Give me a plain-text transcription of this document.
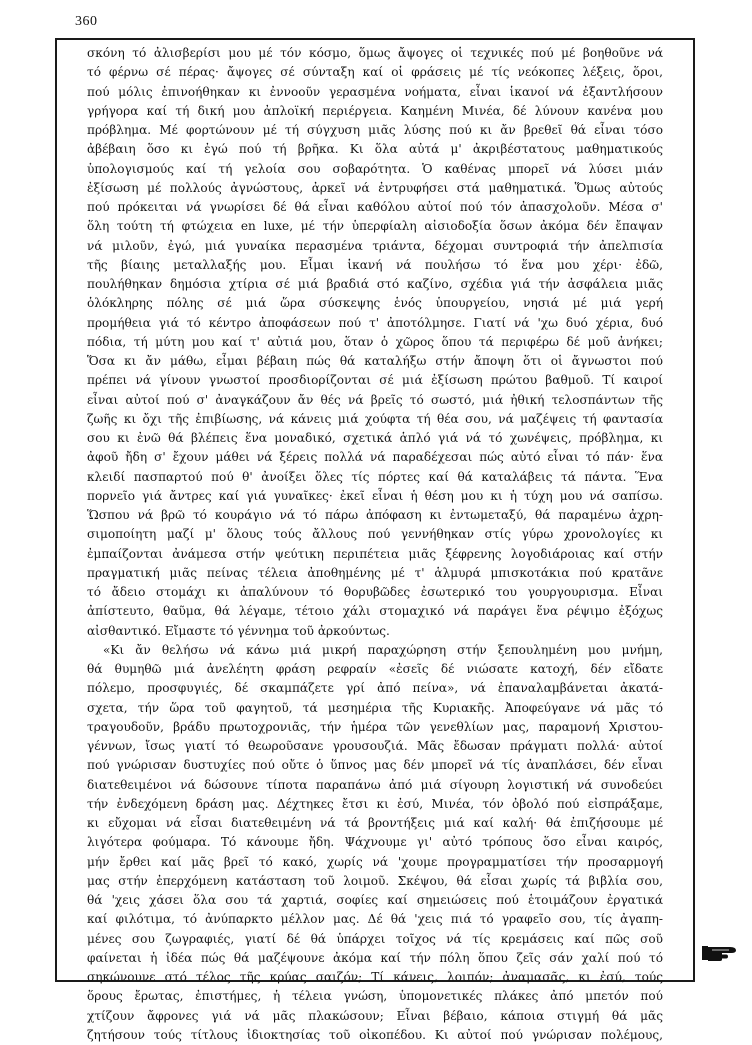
360
σκόνη τό ἀλισβερίσι μου μέ τόν κόσμο, ὅμως ἄψογες οἱ τεχνικές πού μέ βοηθοῦνε νά
τό φέρνω σέ πέρας· ἄψογες σέ σύνταξη καί οἱ φράσεις μέ τίς νεόκοπες λέξεις, ὅροι,
πού μόλις ἐπινοήθηκαν κι ἐννοοῦν γερασμένα νοήματα, εἶναι ἱκανοί νά ἐξαντλήσουν
γρήγορα καί τή δική μου ἀπλοϊκή περιέργεια. Καημένη Μινέα, δέ λύνουν κανένα μου
πρόβλημα. Μέ φορτώνουν μέ τή σύγχυση μιᾶς λύσης πού κι ἄν βρεθεῖ θά εἶναι τόσο
ἀβέβαιη ὅσο κι ἐγώ πού τή βρῆκα. Κι ὅλα αὐτά μ' ἀκριβέστατους μαθηματικούς
ὑπολογισμούς καί τή γελοία σου σοβαρότητα. Ὁ καθένας μπορεῖ νά λύσει μιάν
ἐξίσωση μέ πολλούς ἀγνώστους, ἀρκεῖ νά ἐντρυφήσει στά μαθηματικά. Ὅμως αὐτούς
πού πρόκειται νά γνωρίσει δέ θά εἶναι καθόλου αὐτοί πού τόν ἀπασχολοῦν. Μέσα σ'
ὅλη τούτη τή φτώχεια en luxe, μέ τήν ὑπερφίαλη αἰσιοδοξία ὅσων ἀκόμα δέν ἔπαψαν
νά μιλοῦν, ἐγώ, μιά γυναίκα περασμένα τριάντα, δέχομαι συντροφιά τήν ἀπελπισία
τῆς βίαιης μεταλλαξής μου. Εἶμαι ἱκανή νά πουλήσω τό ἕνα μου χέρι· ἐδῶ,
πουλήθηκαν δημόσια χτίρια σέ μιά βραδιά στό καζίνο, σχέδια γιά τήν ἀσφάλεια μιᾶς
ὁλόκληρης πόλης σέ μιά ὥρα σύσκεψης ἑνός ὑπουργείου, νησιά μέ μιά γερή
προμήθεια γιά τό κέντρο ἀποφάσεων πού τ' ἀποτόλμησε. Γιατί νά 'χω δυό χέρια, δυό
πόδια, τή μύτη μου καί τ' αὐτιά μου, ὅταν ὁ χῶρος ὅπου τά περιφέρω δέ μοῦ ἀνήκει;
Ὅσα κι ἄν μάθω, εἶμαι βέβαιη πώς θά καταλήξω στήν ἄποψη ὅτι οἱ ἄγνωστοι πού
πρέπει νά γίνουν γνωστοί προσδιορίζονται σέ μιά ἐξίσωση πρώτου βαθμοῦ. Τί καιροί
εἶναι αὐτοί πού σ' ἀναγκάζουν ἄν θές νά βρεῖς τό σωστό, μιά ἠθική τελοσπάντων τῆς
ζωῆς κι ὄχι τῆς ἐπιβίωσης, νά κάνεις μιά χούφτα τή θέα σου, νά μαζέψεις τή φαντασία
σου κι ἐνῶ θά βλέπεις ἕνα μοναδικό, σχετικά ἁπλό γιά νά τό χωνέψεις, πρόβλημα, κι
ἀφοῦ ἤδη σ' ἔχουν μάθει νά ξέρεις πολλά νά παραδέχεσαι πώς αὐτό εἶναι τό πάν· ἕνα
κλειδί πασπαρτού πού θ' ἀνοίξει ὅλες τίς πόρτες καί θά καταλάβεις τά πάντα. Ἕνα
πορνεῖο γιά ἄντρες καί γιά γυναῖκες· ἐκεῖ εἶναι ἡ θέση μου κι ἡ τύχη μου νά σαπίσω.
Ὥσπου νά βρῶ τό κουράγιο νά τό πάρω ἀπόφαση κι ἐντωμεταξύ, θά παραμένω ἀχρη-
σιμοποίητη μαζί μ' ὅλους τούς ἄλλους πού γεννήθηκαν στίς γύρω χρονολογίες κι
ἐμπαίζονται ἀνάμεσα στήν ψεύτικη περιπέτεια μιᾶς ξέφρενης λογοδιάροιας καί στήν
πραγματική μιᾶς πείνας τέλεια ἀποθημένης μέ τ' ἁλμυρά μπισκοτάκια πού κρατᾶνε
τό ἄδειο στομάχι κι ἀπαλύνουν τό θορυβῶδες ἐσωτερικό του γουργουρισμα. Εἶναι
ἀπίστευτο, θαῦμα, θά λέγαμε, τέτοιο χάλι στομαχικό νά παράγει ἕνα ρέψιμο ἐξόχως
αἰσθαντικό. Εἴμαστε τό γέννημα τοῦ ἀρκούντως.
«Κι ἄν θελήσω νά κάνω μιά μικρή παραχώρηση στήν ξεπουλημένη μου μνήμη,
θά θυμηθῶ μιά ἀνελέητη φράση ρεφραίν «ἐσεῖς δέ νιώσατε κατοχή, δέν εἴδατε
πόλεμο, προσφυγιές, δέ σκαμπάζετε γρί ἀπό πείνα», νά ἐπαναλαμβάνεται ἀκατά-
σχετα, τήν ὥρα τοῦ φαγητοῦ, τά μεσημέρια τῆς Κυριακῆς. Ἀποφεύγανε νά μᾶς τό
τραγουδοῦν, βράδυ πρωτοχρονιᾶς, τήν ἡμέρα τῶν γενεθλίων μας, παραμονή Χριστου-
γέννων, ἴσως γιατί τό θεωροῦσανε γρουσουζιά. Μᾶς ἔδωσαν πράγματι πολλά· αὐτοί
πού γνώρισαν δυστυχίες πού οὔτε ὁ ὕπνος μας δέν μπορεῖ νά τίς ἀναπλάσει, δέν εἶναι
διατεθειμένοι νά δώσουνε τίποτα παραπάνω ἀπό μιά σίγουρη λογιστική νά συνοδεύει
τήν ἐνδεχόμενη δράση μας. Δέχτηκες ἔτσι κι ἐσύ, Μινέα, τόν ὀβολό πού εἰσπράξαμε,
κι εὔχομαι νά εἶσαι διατεθειμένη νά τά βροντήξεις μιά καί καλή· θά ἐπιζήσουμε μέ
λιγότερα φούμαρα. Τό κάνουμε ἤδη. Ψάχνουμε γι' αὐτό τρόπους ὅσο εἶναι καιρός,
μήν ἔρθει καί μᾶς βρεῖ τό κακό, χωρίς νά 'χουμε προγραμματίσει τήν προσαρμογή
μας στήν ἐπερχόμενη κατάσταση τοῦ λοιμοῦ. Σκέψου, θά εἶσαι χωρίς τά βιβλία σου,
θά 'χεις χάσει ὅλα σου τά χαρτιά, σοφίες καί σημειώσεις πού ἑτοιμάζουν ἐργατικά
καί φιλότιμα, τό ἀνύπαρκτο μέλλον μας. Δέ θά 'χεις πιά τό γραφεῖο σου, τίς ἀγαπη-
μένες σου ζωγραφιές, γιατί δέ θά ὑπάρχει τοῖχος νά τίς κρεμάσεις καί πῶς σοῦ
φαίνεται ἡ ἰδέα πώς θά μαζέψουνε ἀκόμα καί τήν πόλη ὅπου ζεῖς σάν χαλί πού τό
σηκώνουνε στό τέλος τῆς κρύας σαιζόν; Τί κάνεις, λοιπόν; ἀναμασᾶς, κι ἐσύ, τούς
ὅρους ἔρωτας, ἐπιστήμες, ἡ τέλεια γνώση, ὑπομονετικές πλάκες ἀπό μπετόν πού
χτίζουν ἄφρονες γιά νά μᾶς πλακώσουν; Εἶναι βέβαιο, κάποια στιγμή θά μᾶς
ζητήσουν τούς τίτλους ἰδιοκτησίας τοῦ οἰκοπέδου. Κι αὐτοί πού γνώρισαν πολέμους,
